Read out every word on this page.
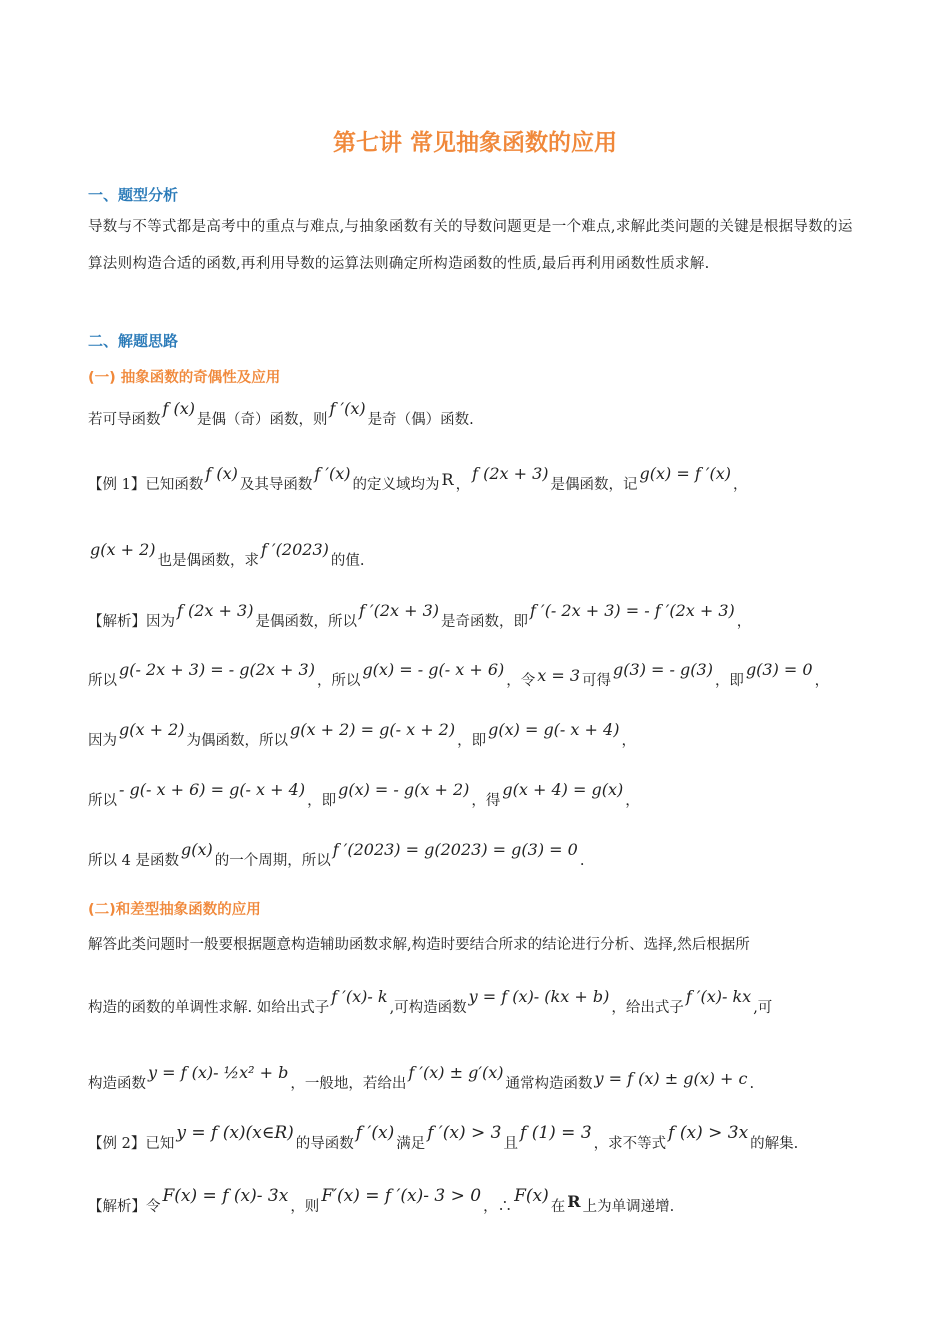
第七讲 常见抽象函数的应用
一、题型分析

导数与不等式都是高考中的重点与难点,与抽象函数有关的导数问题更是一个难点,求解此类问题的关键是根据导数的运算法则构造合适的函数,再利用导数的运算法则确定所构造函数的性质,最后再利用函数性质求解.

二、解题思路
(一) 抽象函数的奇偶性及应用
若可导函数f (x)是偶（奇）函数，则f ′(x)是奇（偶）函数.
【例 1】已知函数f (x)及其导函数f ′(x)的定义域均为 R ，f (2x + 3)是偶函数，记g(x) = f ′(x)，
g(x + 2)也是偶函数，求f ′(2023)的值.
【解析】因为f (2x + 3)是偶函数，所以f ′(2x + 3)是奇函数，即f ′(- 2x + 3) = - f ′(2x + 3)，
所以g(- 2x + 3) = - g(2x + 3)，所以g(x) = - g(- x + 6)，令 x = 3 可得g(3) = - g(3)，即g(3) = 0，
因为g(x + 2)为偶函数，所以g(x + 2) = g(- x + 2)，即g(x) = g(- x + 4)，
所以- g(- x + 6) = g(- x + 4)，即g(x) = - g(x + 2)，得g(x + 4) = g(x)，
所以 4 是函数g(x)的一个周期，所以f ′(2023) = g(2023) = g(3) = 0.
(二)和差型抽象函数的应用
解答此类问题时一般要根据题意构造辅助函数求解,构造时要结合所求的结论进行分析、选择,然后根据所
构造的函数的单调性求解. 如给出式子f ′(x)- k,可构造函数y = f (x)- (kx + b)，给出式子f ′(x)- kx,可
构造函数y = f (x)- ½x² + b，一般地，若给出f ′(x) ± g′(x)通常构造函数 y = f (x) ± g(x) + c .
【例 2】已知y = f (x)(x∈R)的导函数f ′(x)满足f ′(x) > 3且f (1) = 3，求不等式f (x) > 3x的解集.
【解析】令F(x) = f (x)- 3x，则F′(x) = f ′(x)- 3 > 0，∴F(x)在 R 上为单调递增.
